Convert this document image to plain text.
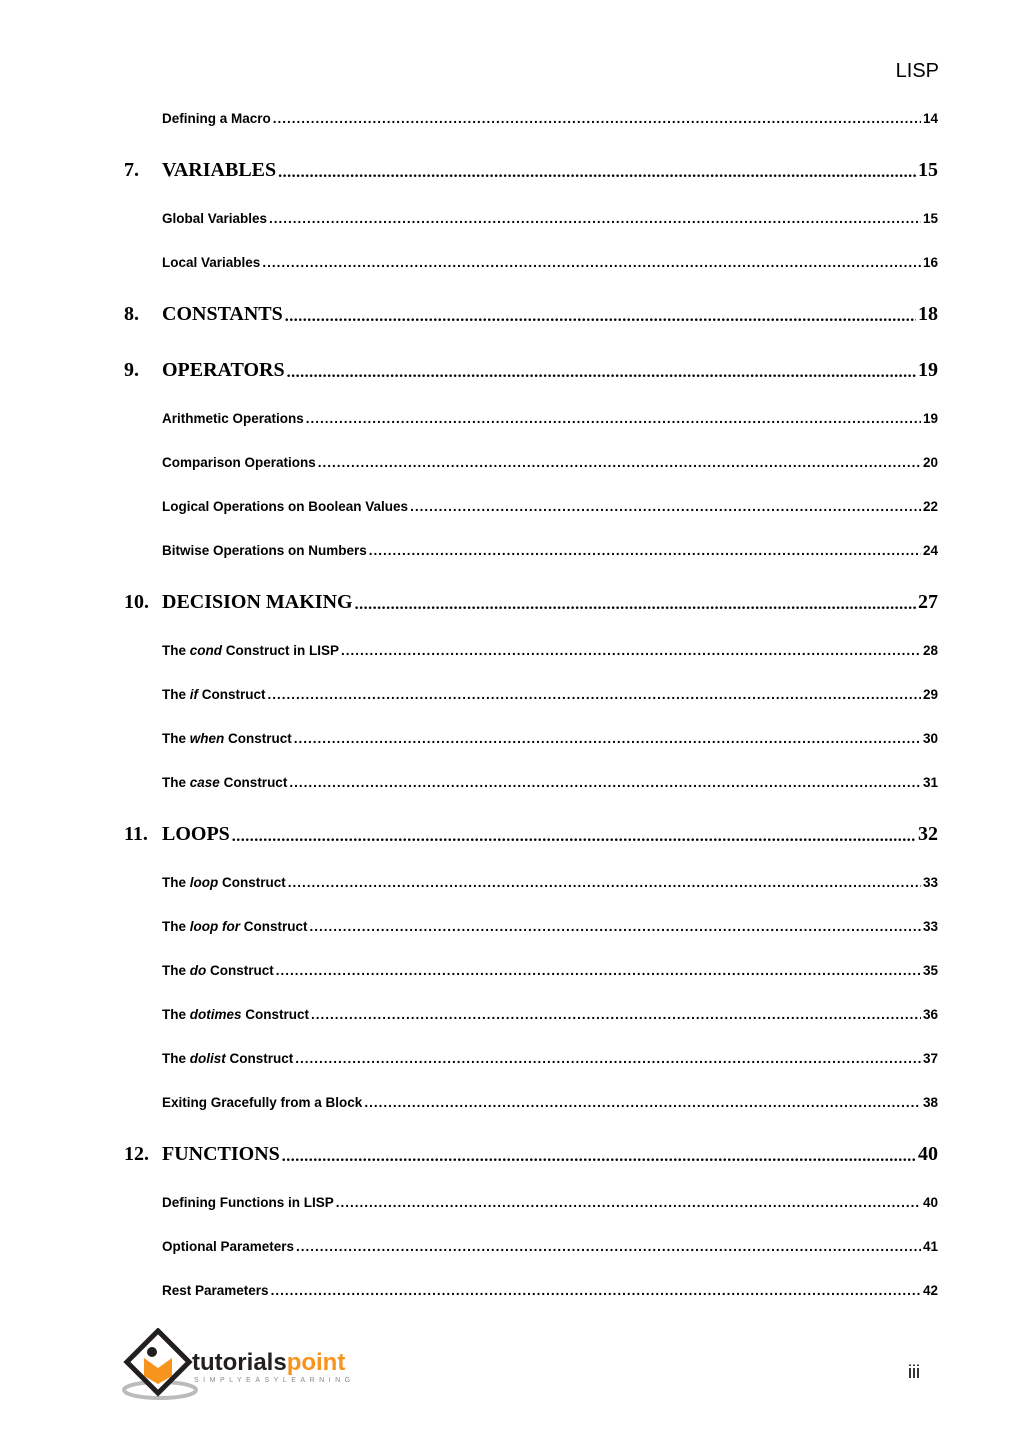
LISP
Defining a Macro .....	14
7.	VARIABLES .....	15
Global Variables .....	15
Local Variables .....	16
8.	CONSTANTS .....	18
9.	OPERATORS .....	19
Arithmetic Operations .....	19
Comparison Operations .....	20
Logical Operations on Boolean Values .....	22
Bitwise Operations on Numbers .....	24
10. DECISION MAKING .....	27
The cond Construct in LISP .....	28
The if Construct .....	29
The when Construct .....	30
The case Construct .....	31
11. LOOPS .....	32
The loop Construct .....	33
The loop for Construct .....	33
The do Construct .....	35
The dotimes Construct .....	36
The dolist Construct .....	37
Exiting Gracefully from a Block .....	38
12. FUNCTIONS .....	40
Defining Functions in LISP .....	40
Optional Parameters .....	41
Rest Parameters .....	42
tutorialspoint
SIMPLYEASYLEARNING	iii
